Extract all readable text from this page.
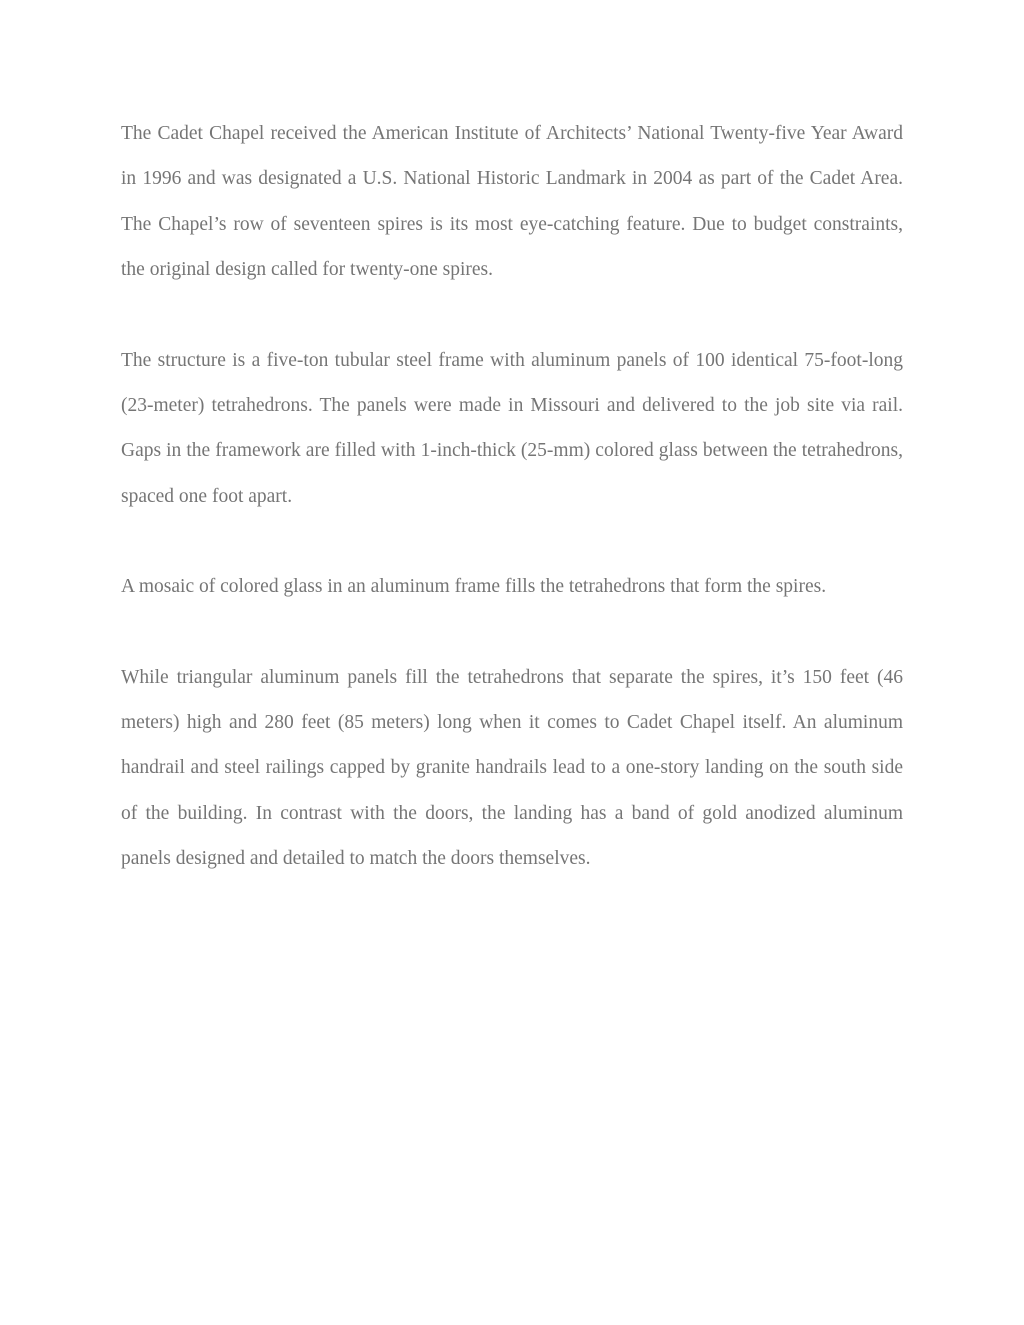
The Cadet Chapel received the American Institute of Architects’ National Twenty-five Year Award in 1996 and was designated a U.S. National Historic Landmark in 2004 as part of the Cadet Area. The Chapel’s row of seventeen spires is its most eye-catching feature. Due to budget constraints, the original design called for twenty-one spires.

The structure is a five-ton tubular steel frame with aluminum panels of 100 identical 75-foot-long (23-meter) tetrahedrons. The panels were made in Missouri and delivered to the job site via rail. Gaps in the framework are filled with 1-inch-thick (25-mm) colored glass between the tetrahedrons, spaced one foot apart.

A mosaic of colored glass in an aluminum frame fills the tetrahedrons that form the spires.

While triangular aluminum panels fill the tetrahedrons that separate the spires, it’s 150 feet (46 meters) high and 280 feet (85 meters) long when it comes to Cadet Chapel itself. An aluminum handrail and steel railings capped by granite handrails lead to a one-story landing on the south side of the building. In contrast with the doors, the landing has a band of gold anodized aluminum panels designed and detailed to match the doors themselves.
